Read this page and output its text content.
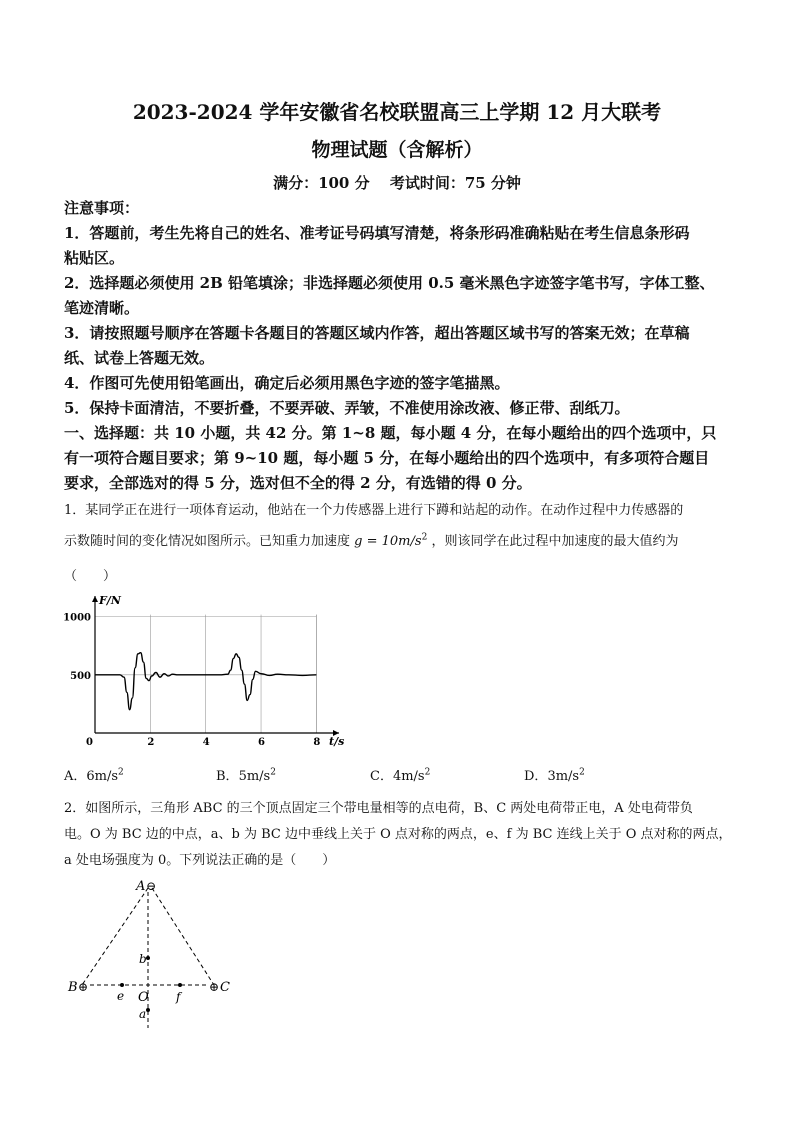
2023-2024 学年安徽省名校联盟高三上学期 12 月大联考
物理试题（含解析）
满分：100 分　 考试时间：75 分钟
注意事项：
1．答题前，考生先将自己的姓名、准考证号码填写清楚，将条形码准确粘贴在考生信息条形码
粘贴区。
2．选择题必须使用 2B 铅笔填涂；非选择题必须使用 0.5 毫米黑色字迹签字笔书写，字体工整、
笔迹清晰。
3．请按照题号顺序在答题卡各题目的答题区域内作答，超出答题区域书写的答案无效；在草稿
纸、试卷上答题无效。
4．作图可先使用铅笔画出，确定后必须用黑色字迹的签字笔描黑。
5．保持卡面清洁，不要折叠，不要弄破、弄皱，不准使用涂改液、修正带、刮纸刀。
一、选择题：共 10 小题，共 42 分。第 1~8 题，每小题 4 分，在每小题给出的四个选项中，只
有一项符合题目要求；第 9~10 题，每小题 5 分，在每小题给出的四个选项中，有多项符合题目
要求，全部选对的得 5 分，选对但不全的得 2 分，有选错的得 0 分。
1．某同学正在进行一项体育运动，他站在一个力传感器上进行下蹲和站起的动作。在动作过程中力传感器的
示数随时间的变化情况如图所示。已知重力加速度 $g = 10m/s^2$ ，则该同学在此过程中加速度的最大值约为
（　　）
0	2	4	6	8
500
1000
F/N
t/s
A．$6m/s^2$	B．$5m/s^2$	C．$4m/s^2$	D．$3m/s^2$
2．如图所示，三角形 ABC 的三个顶点固定三个带电量相等的点电荷，B、C 两处电荷带正电，A 处电荷带负
电。O 为 BC 边的中点，a、b 为 BC 边中垂线上关于 O 点对称的两点，e、f 为 BC 连线上关于 O 点对称的两点，
a 处电场强度为 0。下列说法正确的是（　　）
A ⊖
B ⊕	⊕ C
O
b
a
e	f
